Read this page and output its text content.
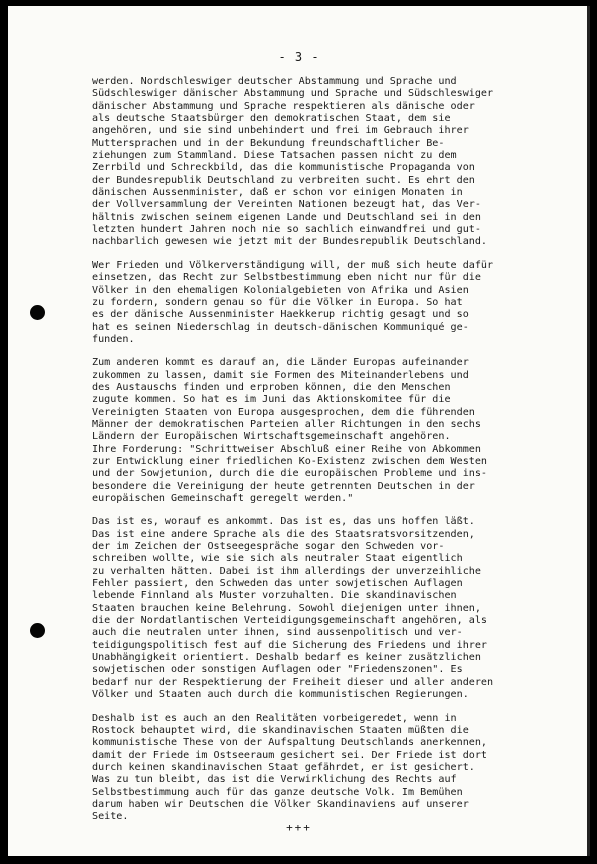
- 3 -
werden. Nordschleswiger deutscher Abstammung und Sprache und
Südschleswiger dänischer Abstammung und Sprache und Südschleswiger
dänischer Abstammung und Sprache respektieren als dänische oder
als deutsche Staatsbürger den demokratischen Staat, dem sie
angehören, und sie sind unbehindert und frei im Gebrauch ihrer
Muttersprachen und in der Bekundung freundschaftlicher Be-
ziehungen zum Stammland. Diese Tatsachen passen nicht zu dem
Zerrbild und Schreckbild, das die kommunistische Propaganda von
der Bundesrepublik Deutschland zu verbreiten sucht. Es ehrt den
dänischen Aussenminister, daß er schon vor einigen Monaten in
der Vollversammlung der Vereinten Nationen bezeugt hat, das Ver-
hältnis zwischen seinem eigenen Lande und Deutschland sei in den
letzten hundert Jahren noch nie so sachlich einwandfrei und gut-
nachbarlich gewesen wie jetzt mit der Bundesrepublik Deutschland.
Wer Frieden und Völkerverständigung will, der muß sich heute dafür
einsetzen, das Recht zur Selbstbestimmung eben nicht nur für die
Völker in den ehemaligen Kolonialgebieten von Afrika und Asien
zu fordern, sondern genau so für die Völker in Europa. So hat
es der dänische Aussenminister Haekkerup richtig gesagt und so
hat es seinen Niederschlag in deutsch-dänischen Kommuniqué ge-
funden.
Zum anderen kommt es darauf an, die Länder Europas aufeinander
zukommen zu lassen, damit sie Formen des Miteinanderlebens und
des Austauschs finden und erproben können, die den Menschen
zugute kommen. So hat es im Juni das Aktionskomitee für die
Vereinigten Staaten von Europa ausgesprochen, dem die führenden
Männer der demokratischen Parteien aller Richtungen in den sechs
Ländern der Europäischen Wirtschaftsgemeinschaft angehören.
Ihre Forderung: "Schrittweiser Abschluß einer Reihe von Abkommen
zur Entwicklung einer friedlichen Ko-Existenz zwischen dem Westen
und der Sowjetunion, durch die die europäischen Probleme und ins-
besondere die Vereinigung der heute getrennten Deutschen in der
europäischen Gemeinschaft geregelt werden."
Das ist es, worauf es ankommt. Das ist es, das uns hoffen läßt.
Das ist eine andere Sprache als die des Staatsratsvorsitzenden,
der im Zeichen der Ostseegespräche sogar den Schweden vor-
schreiben wollte, wie sie sich als neutraler Staat eigentlich
zu verhalten hätten. Dabei ist ihm allerdings der unverzeihliche
Fehler passiert, den Schweden das unter sowjetischen Auflagen
lebende Finnland als Muster vorzuhalten. Die skandinavischen
Staaten brauchen keine Belehrung. Sowohl diejenigen unter ihnen,
die der Nordatlantischen Verteidigungsgemeinschaft angehören, als
auch die neutralen unter ihnen, sind aussenpolitisch und ver-
teidigungspolitisch fest auf die Sicherung des Friedens und ihrer
Unabhängigkeit orientiert. Deshalb bedarf es keiner zusätzlichen
sowjetischen oder sonstigen Auflagen oder "Friedenszonen". Es
bedarf nur der Respektierung der Freiheit dieser und aller anderen
Völker und Staaten auch durch die kommunistischen Regierungen.
Deshalb ist es auch an den Realitäten vorbeigeredet, wenn in
Rostock behauptet wird, die skandinavischen Staaten müßten die
kommunistische These von der Aufspaltung Deutschlands anerkennen,
damit der Friede im Ostseeraum gesichert sei. Der Friede ist dort
durch keinen skandinavischen Staat gefährdet, er ist gesichert.
Was zu tun bleibt, das ist die Verwirklichung des Rechts auf
Selbstbestimmung auch für das ganze deutsche Volk. Im Bemühen
darum haben wir Deutschen die Völker Skandinaviens auf unserer
Seite.
+++
